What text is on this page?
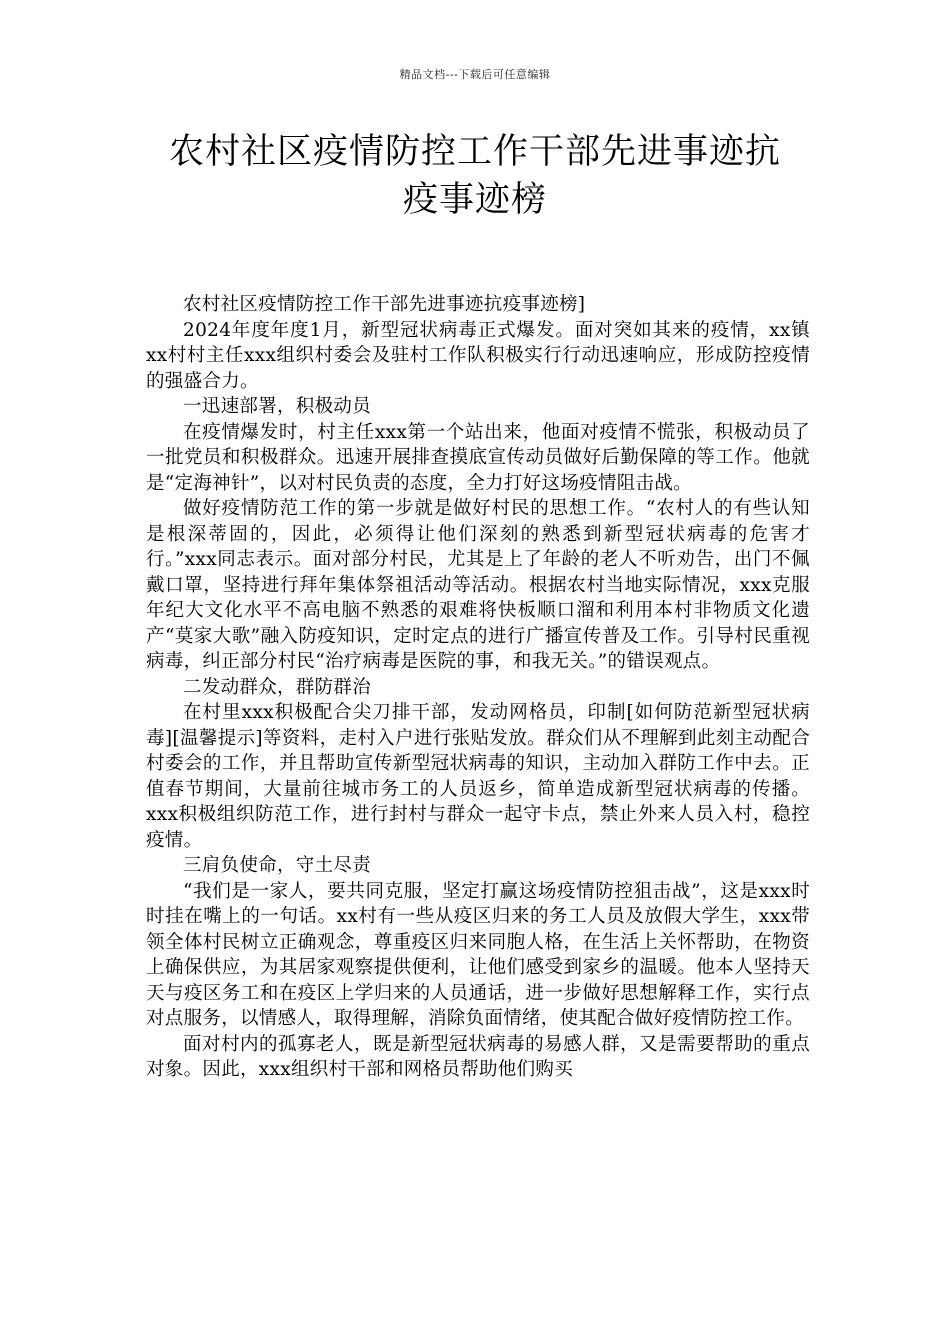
精品文档---下载后可任意编辑
农村社区疫情防控工作干部先进事迹抗
疫事迹榜

农村社区疫情防控工作干部先进事迹抗疫事迹榜]

2024年度年度1月，新型冠状病毒正式爆发。面对突如其来的疫情，xx镇xx村村主任xxx组织村委会及驻村工作队积极实行行动迅速响应，形成防控疫情的强盛合力。

一迅速部署，积极动员

在疫情爆发时，村主任xxx第一个站出来，他面对疫情不慌张，积极动员了一批党员和积极群众。迅速开展排查摸底宣传动员做好后勤保障的等工作。他就是“定海神针”，以对村民负责的态度，全力打好这场疫情阻击战。

做好疫情防范工作的第一步就是做好村民的思想工作。“农村人的有些认知是根深蒂固的，因此，必须得让他们深刻的熟悉到新型冠状病毒的危害才行。”xxx同志表示。面对部分村民，尤其是上了年龄的老人不听劝告，出门不佩戴口罩，坚持进行拜年集体祭祖活动等活动。根据农村当地实际情况，xxx克服年纪大文化水平不高电脑不熟悉的艰难将快板顺口溜和利用本村非物质文化遗产“莫家大歌”融入防疫知识，定时定点的进行广播宣传普及工作。引导村民重视病毒，纠正部分村民“治疗病毒是医院的事，和我无关。”的错误观点。

二发动群众，群防群治

在村里xxx积极配合尖刀排干部，发动网格员，印制[如何防范新型冠状病毒][温馨提示]等资料，走村入户进行张贴发放。群众们从不理解到此刻主动配合村委会的工作，并且帮助宣传新型冠状病毒的知识，主动加入群防工作中去。正值春节期间，大量前往城市务工的人员返乡，简单造成新型冠状病毒的传播。xxx积极组织防范工作，进行封村与群众一起守卡点，禁止外来人员入村，稳控疫情。

三肩负使命，守土尽责

“我们是一家人，要共同克服，坚定打赢这场疫情防控狙击战”，这是xxx时时挂在嘴上的一句话。xx村有一些从疫区归来的务工人员及放假大学生，xxx带领全体村民树立正确观念，尊重疫区归来同胞人格，在生活上关怀帮助，在物资上确保供应，为其居家观察提供便利，让他们感受到家乡的温暖。他本人坚持天天与疫区务工和在疫区上学归来的人员通话，进一步做好思想解释工作，实行点对点服务，以情感人，取得理解，消除负面情绪，使其配合做好疫情防控工作。

面对村内的孤寡老人，既是新型冠状病毒的易感人群，又是需要帮助的重点对象。因此，xxx组织村干部和网格员帮助他们购买
